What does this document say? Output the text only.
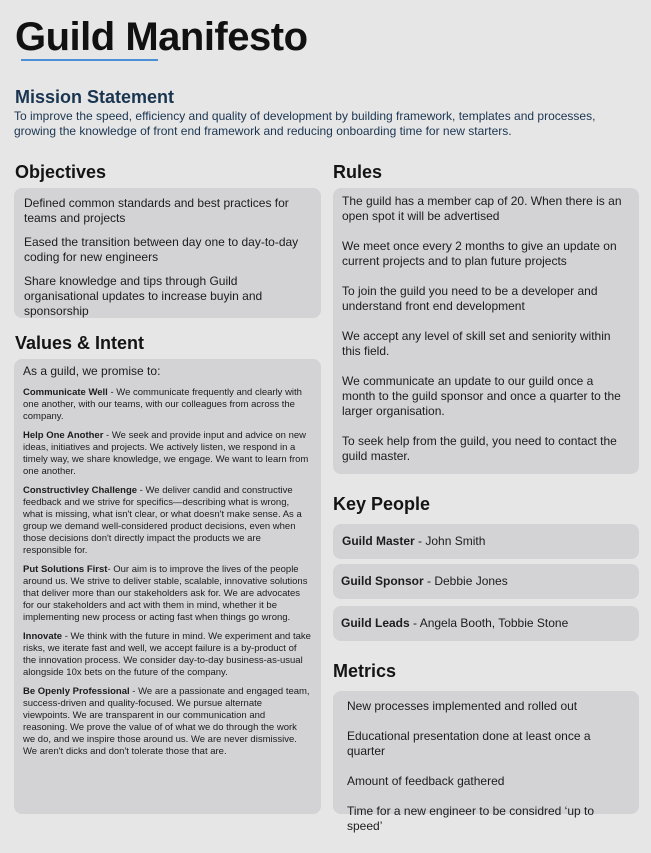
Guild Manifesto
Mission Statement

To improve the speed, efficiency and quality of development by building framework, templates and processes, growing the knowledge of front end framework and reducing onboarding time for new starters.

Objectives

Defined common standards and best practices for teams and projects

Eased the transition between day one to day-to-day coding for new engineers

Share knowledge and tips through Guild organisational updates to increase buyin and sponsorship

Values & Intent

As a guild, we promise to:

Communicate Well - We communicate frequently and clearly with one another, with our teams, with our colleagues from across the company.

Help One Another - We seek and provide input and advice on new ideas, initiatives and projects. We actively listen, we respond in a timely way, we share knowledge, we engage. We want to learn from one another.

Constructivley Challenge - We deliver candid and constructive feedback and we strive for specifics—describing what is wrong, what is missing, what isn't clear, or what doesn't make sense. As a group we demand well-considered product decisions, even when those decisions don't directly impact the products we are responsible for.

Put Solutions First- Our aim is to improve the lives of the people around us. We strive to deliver stable, scalable, innovative solutions that deliver more than our stakeholders ask for. We are advocates for our stakeholders and act with them in mind, whether it be implementing new process or acting fast when things go wrong.

Innovate - We think with the future in mind. We experiment and take risks, we iterate fast and well, we accept failure is a by-product of the innovation process. We consider day-to-day business-as-usual alongside 10x bets on the future of the company.

Be Openly Professional - We are a passionate and engaged team, success-driven and quality-focused. We pursue alternate viewpoints. We are transparent in our communication and reasoning. We prove the value of of what we do through the work we do, and we inspire those around us. We are never dismissive. We aren't dicks and don't tolerate those that are.

Rules

The guild has a member cap of 20. When there is an open spot it will be advertised

We meet once every 2 months to give an update on current projects and to plan future projects

To join the guild you need to be a developer and understand front end development

We accept any level of skill set and seniority within this field.

We communicate an update to our guild once a month to the guild sponsor and once a quarter to the larger organisation.

To seek help from the guild, you need to contact the guild master.

Key People

Guild Master - John Smith

Guild Sponsor - Debbie Jones

Guild Leads - Angela Booth, Tobbie Stone

Metrics

New processes implemented and rolled out

Educational presentation done at least once a quarter

Amount of feedback gathered

Time for a new engineer to be considred ‘up to speed’
